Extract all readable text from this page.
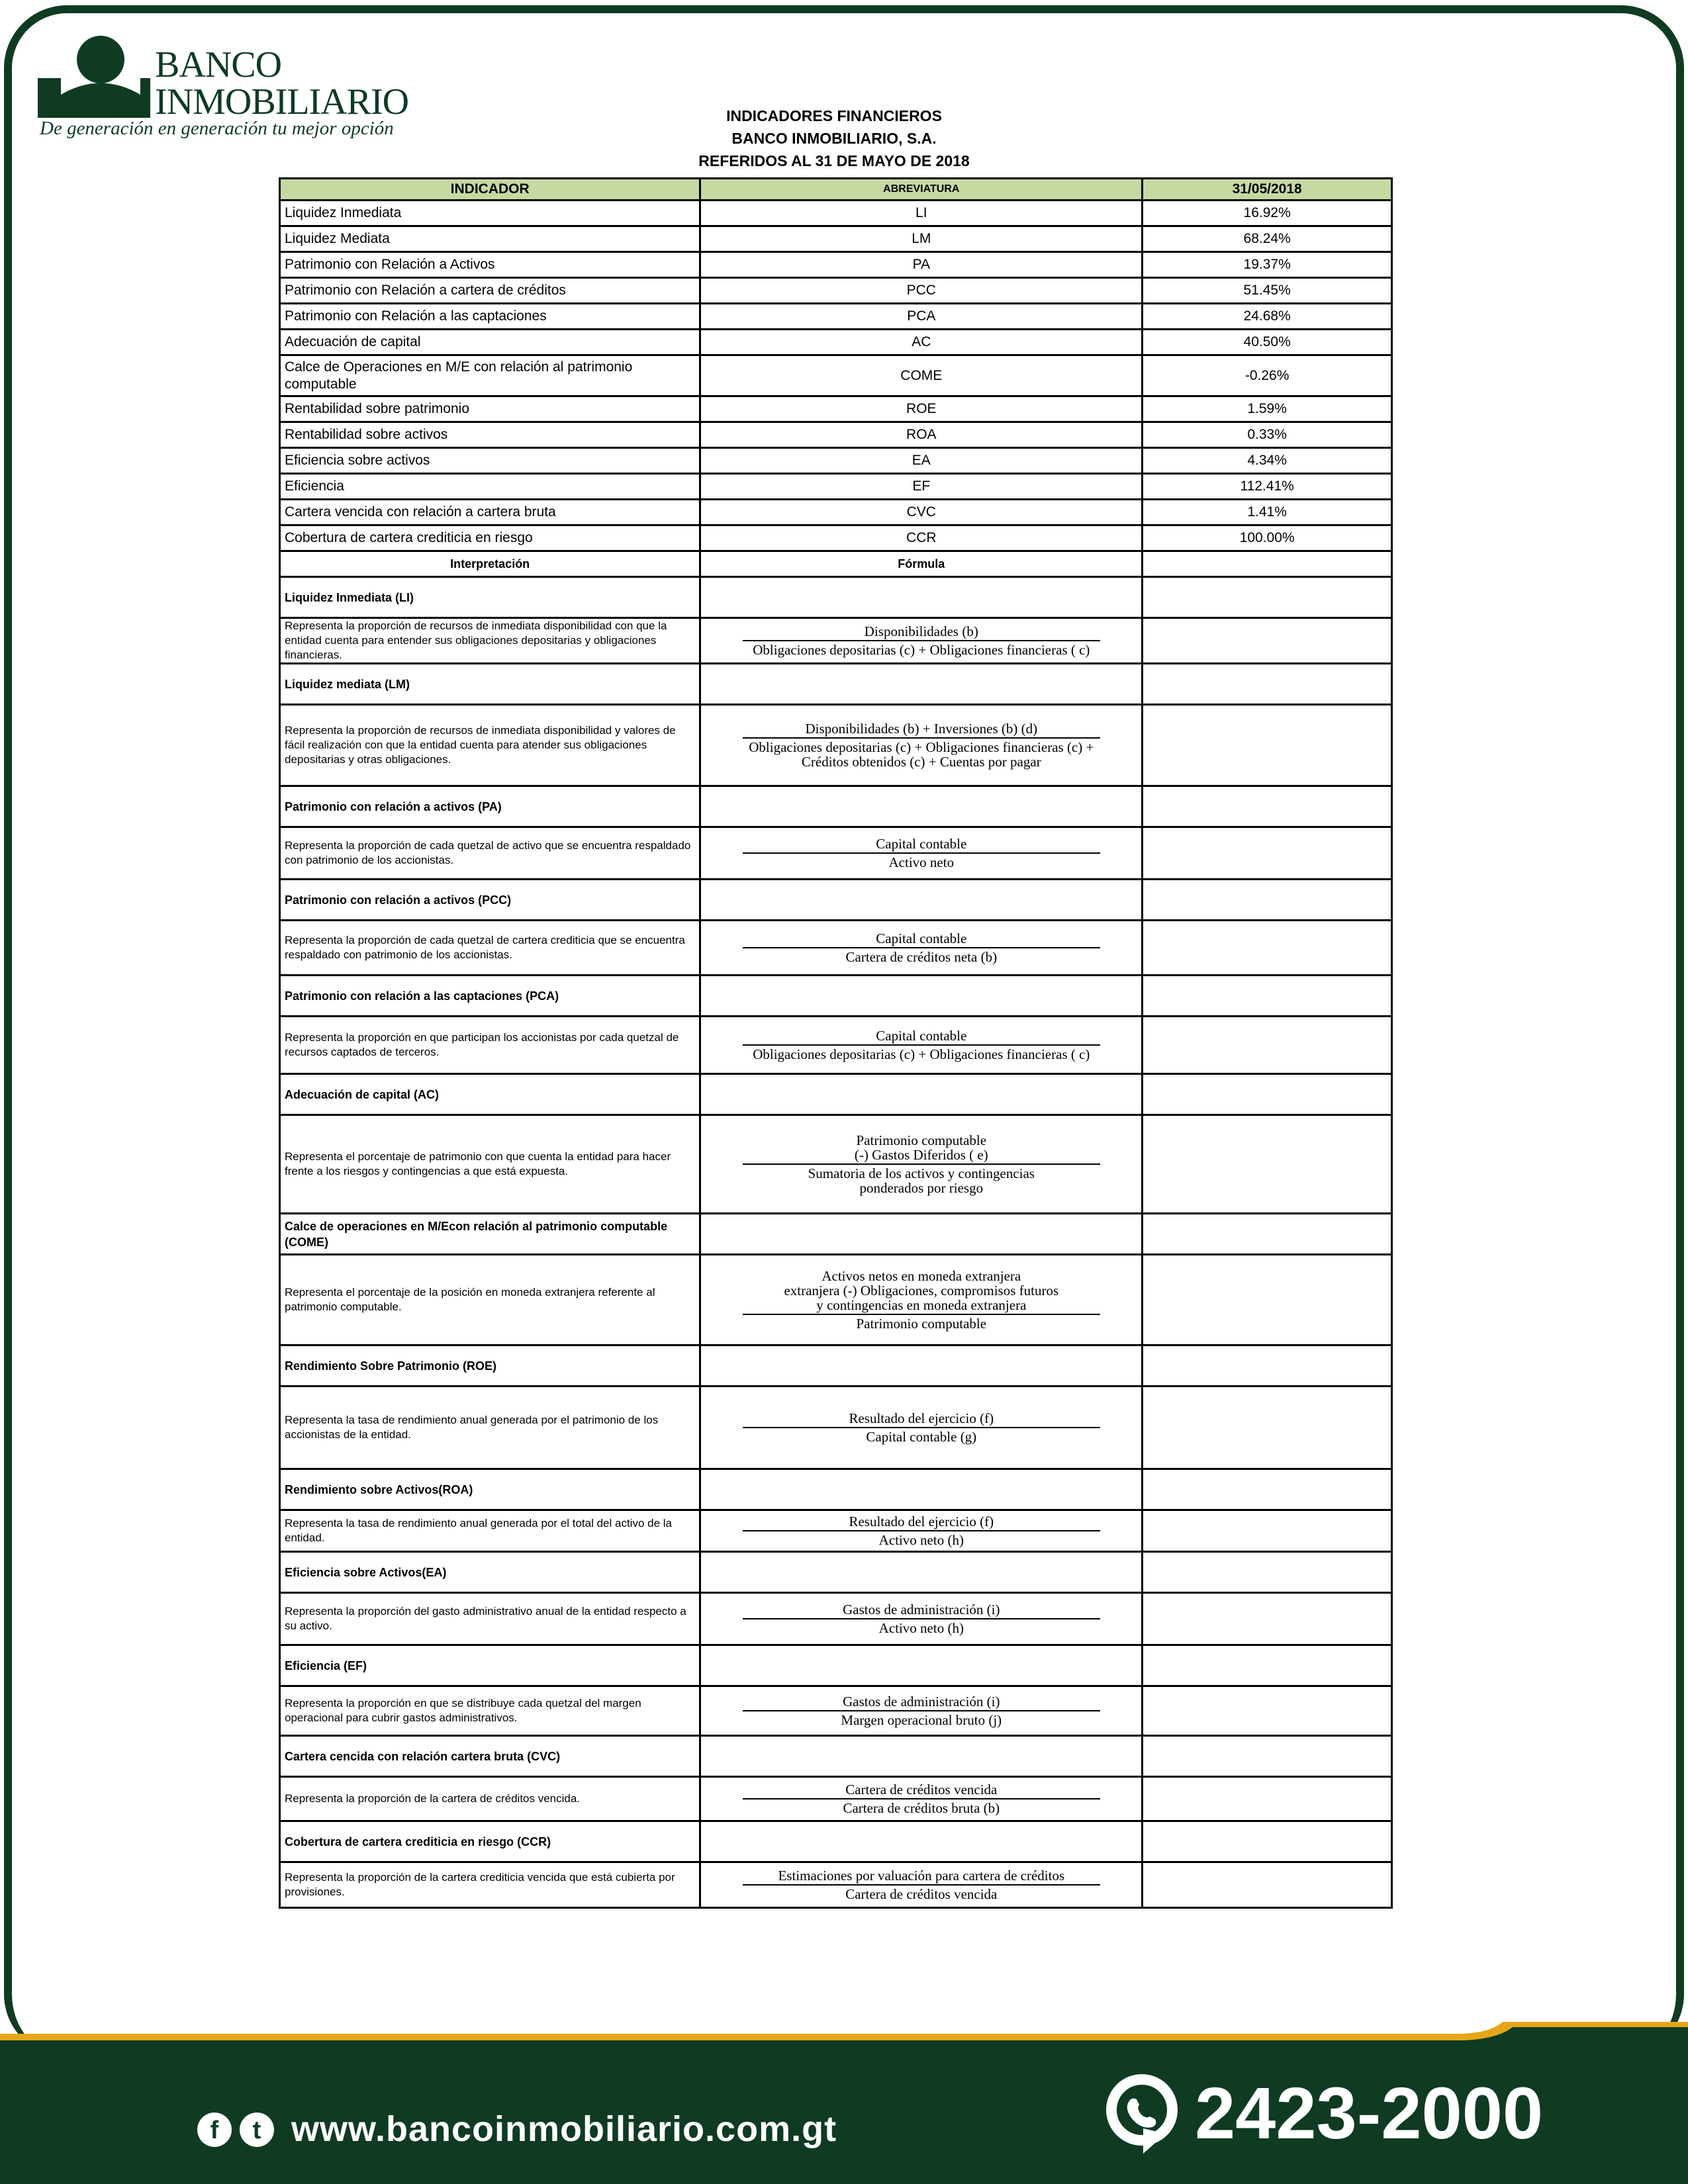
BANCO
INMOBILIARIO
De generación en generación tu mejor opción
INDICADORES FINANCIEROS
BANCO INMOBILIARIO, S.A.
REFERIDOS AL 31 DE MAYO DE 2018
INDICADOR	ABREVIATURA	31/05/2018
Liquidez Inmediata	LI	16.92%
Liquidez Mediata	LM	68.24%
Patrimonio con Relación a Activos	PA	19.37%
Patrimonio con Relación a cartera de créditos	PCC	51.45%
Patrimonio con Relación a las captaciones	PCA	24.68%
Adecuación de capital	AC	40.50%
Calce de Operaciones en M/E con relación al patrimonio computable	COME	-0.26%
Rentabilidad sobre patrimonio	ROE	1.59%
Rentabilidad sobre activos	ROA	0.33%
Eficiencia sobre activos	EA	4.34%
Eficiencia	EF	112.41%
Cartera vencida con relación a cartera bruta	CVC	1.41%
Cobertura de cartera crediticia en riesgo	CCR	100.00%
Interpretación	Fórmula	
Liquidez Inmediata (LI)		
Representa la proporción de recursos de inmediata disponibilidad con que la entidad cuenta para entender sus obligaciones depositarias y obligaciones financieras.	Disponibilidades (b)
Obligaciones depositarias (c) + Obligaciones financieras ( c)	

Liquidez mediata (LM)		
Representa la proporción de recursos de inmediata disponibilidad y valores de fácil realización con que la entidad cuenta para atender sus obligaciones depositarias y otras obligaciones.	Disponibilidades (b) + Inversiones (b) (d)
Obligaciones depositarias (c) + Obligaciones financieras (c) +
Créditos obtenidos (c) + Cuentas por pagar	

Patrimonio con relación a activos (PA)		
Representa la proporción de cada quetzal de activo que se encuentra respaldado con patrimonio de los accionistas.	Capital contable
Activo neto	

Patrimonio con relación a activos (PCC)		
Representa la proporción de cada quetzal de cartera crediticia que se encuentra respaldado con patrimonio de los accionistas.	Capital contable
Cartera de créditos neta (b)	

Patrimonio con relación a las captaciones (PCA)		
Representa la proporción en que participan los accionistas por cada quetzal de recursos captados de terceros.	Capital contable
Obligaciones depositarias (c) + Obligaciones financieras ( c)	

Adecuación de capital (AC)		
Representa el porcentaje de patrimonio con que cuenta la entidad para hacer frente a los riesgos y contingencias a que está expuesta.	Patrimonio computable
(-) Gastos Diferidos ( e)
Sumatoria de los activos y contingencias
ponderados por riesgo	

Calce de operaciones en M/Econ relación al patrimonio computable (COME)		
Representa el porcentaje de la posición en moneda extranjera referente al patrimonio computable.	Activos netos en moneda extranjera
extranjera (-) Obligaciones, compromisos futuros
y contingencias en moneda extranjera
Patrimonio computable	

Rendimiento Sobre Patrimonio (ROE)		
Representa la tasa de rendimiento anual generada por el patrimonio de los accionistas de la entidad.	Resultado del ejercicio (f)
Capital contable (g)	

Rendimiento sobre Activos(ROA)		
Representa la tasa de rendimiento anual generada por el total del activo de la entidad.	Resultado del ejercicio (f)
Activo neto (h)	

Eficiencia sobre Activos(EA)		
Representa la proporción del gasto administrativo anual de la entidad respecto a su activo.	Gastos de administración (i)
Activo neto (h)	

Eficiencia (EF)		
Representa la proporción en que se distribuye cada quetzal del margen operacional para cubrir gastos administrativos.	Gastos de administración (i)
Margen operacional bruto (j)	

Cartera cencida con relación cartera bruta (CVC)		
Representa la proporción de la cartera de créditos vencida.	Cartera de créditos vencida
Cartera de créditos bruta (b)	

Cobertura de cartera crediticia en riesgo (CCR)		
Representa la proporción de la cartera crediticia vencida que está cubierta por provisiones.	Estimaciones por valuación para cartera de créditos
Cartera de créditos vencida	

f	t www.bancoinmobiliario.com.gt	2423-2000
